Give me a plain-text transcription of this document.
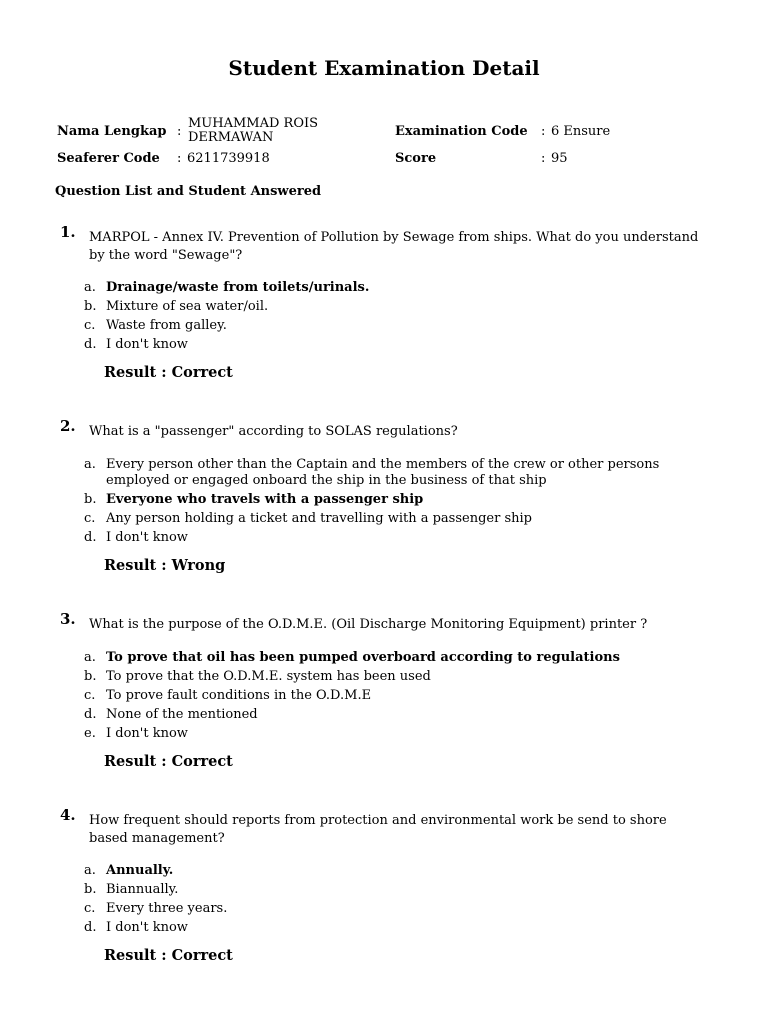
Student Examination Detail
Nama Lengkap :
MUHAMMAD ROIS
DERMAWAN
Seaferer Code : 6211739918
Examination Code : 6 Ensure
Score	: 95
Question List and Student Answered
1. MARPOL - Annex IV. Prevention of Pollution by Sewage from ships. What do you understand by the word "Sewage"?
a. Drainage/waste from toilets/urinals.
b. Mixture of sea water/oil.
c. Waste from galley.
d. I don't know
Result : Correct
2. What is a "passenger" according to SOLAS regulations?
a. Every person other than the Captain and the members of the crew or other persons employed or engaged onboard the ship in the business of that ship
b. Everyone who travels with a passenger ship
c. Any person holding a ticket and travelling with a passenger ship
d. I don't know
Result : Wrong
3. What is the purpose of the O.D.M.E. (Oil Discharge Monitoring Equipment) printer ?
a. To prove that oil has been pumped overboard according to regulations
b. To prove that the O.D.M.E. system has been used
c. To prove fault conditions in the O.D.M.E
d. None of the mentioned
e. I don't know
Result : Correct
4. How frequent should reports from protection and environmental work be send to shore based management?
a. Annually.
b. Biannually.
c. Every three years.
d. I don't know
Result : Correct
